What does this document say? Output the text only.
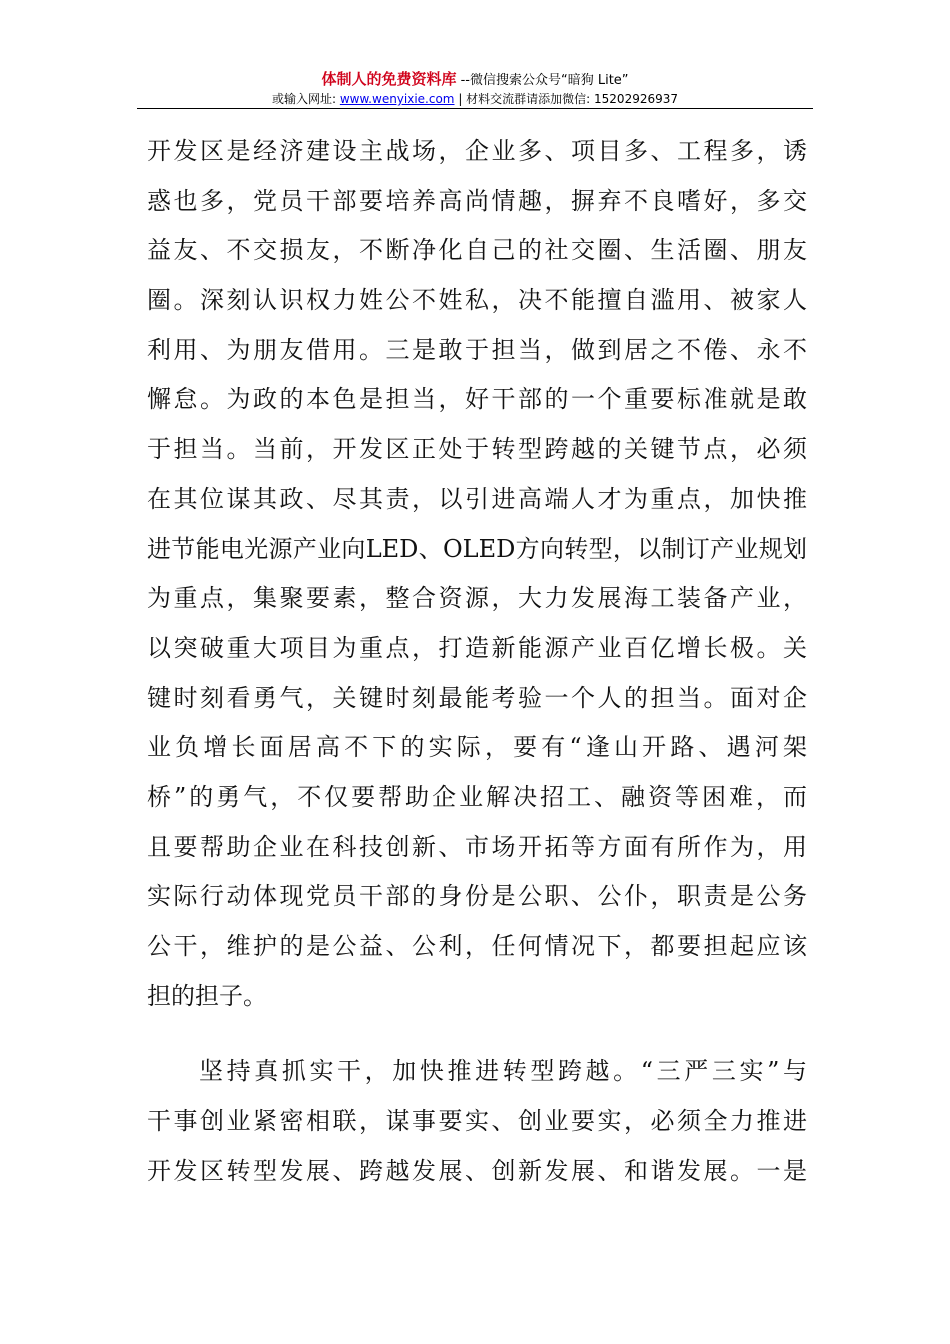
体制人的免费资料库 --微信搜索公众号“暗狗 Lite”
或输入网址: www.wenyixie.com | 材料交流群请添加微信: 15202926937
开发区是经济建设主战场，企业多、项目多、工程多，诱
惑也多，党员干部要培养高尚情趣，摒弃不良嗜好，多交
益友、不交损友，不断净化自己的社交圈、生活圈、朋友
圈。深刻认识权力姓公不姓私，决不能擅自滥用、被家人
利用、为朋友借用。三是敢于担当，做到居之不倦、永不
懈怠。为政的本色是担当，好干部的一个重要标准就是敢
于担当。当前，开发区正处于转型跨越的关键节点，必须
在其位谋其政、尽其责，以引进高端人才为重点，加快推
进节能电光源产业向LED、OLED方向转型，以制订产业规划
为重点，集聚要素，整合资源，大力发展海工装备产业，
以突破重大项目为重点，打造新能源产业百亿增长极。关
键时刻看勇气，关键时刻最能考验一个人的担当。面对企
业负增长面居高不下的实际，要有“逢山开路、遇河架
桥”的勇气，不仅要帮助企业解决招工、融资等困难，而
且要帮助企业在科技创新、市场开拓等方面有所作为，用
实际行动体现党员干部的身份是公职、公仆，职责是公务
公干，维护的是公益、公利，任何情况下，都要担起应该
担的担子。
坚持真抓实干，加快推进转型跨越。“三严三实”与
干事创业紧密相联，谋事要实、创业要实，必须全力推进
开发区转型发展、跨越发展、创新发展、和谐发展。一是
